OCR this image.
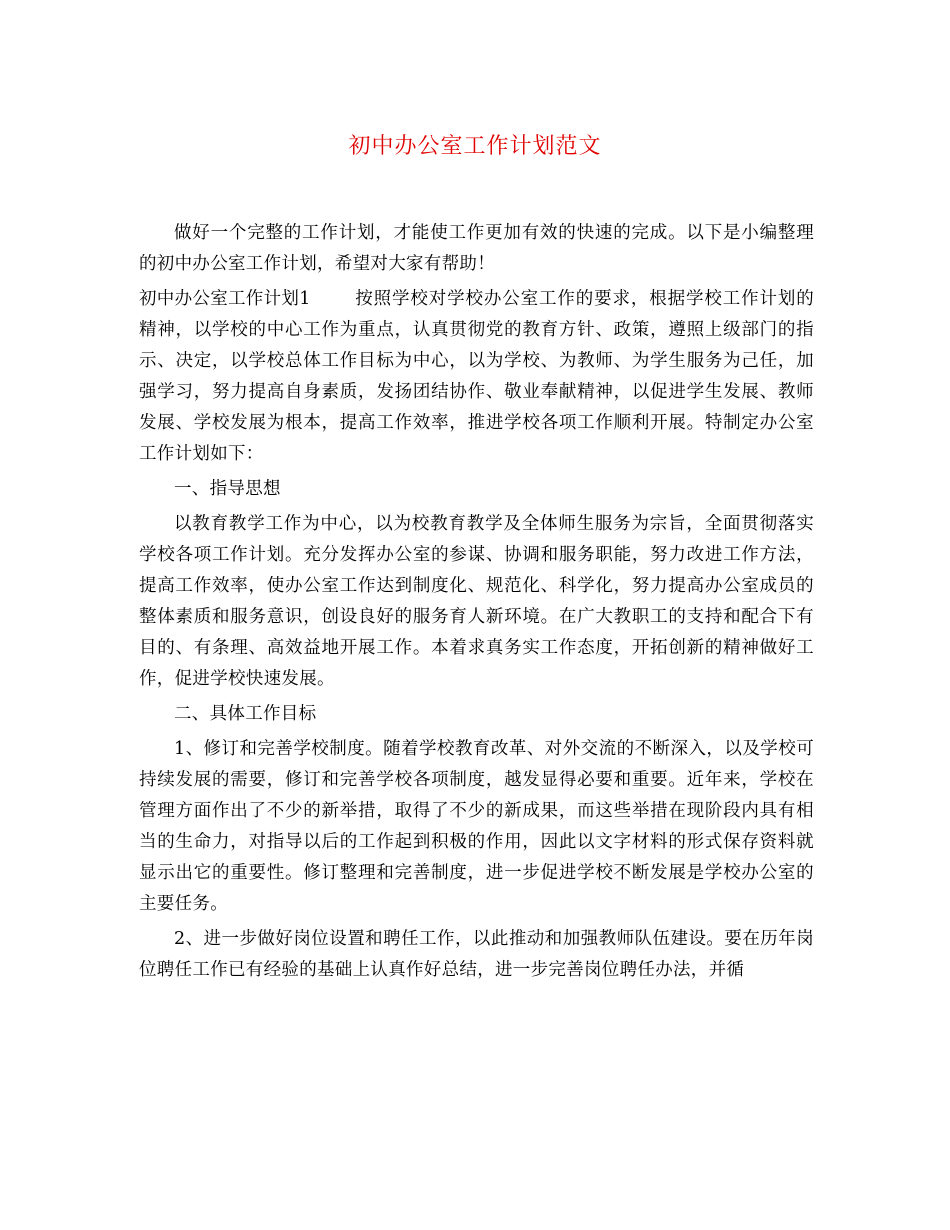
初中办公室工作计划范文

做好一个完整的工作计划，才能使工作更加有效的快速的完成。以下是小编整理的初中办公室工作计划，希望对大家有帮助！

初中办公室工作计划1	按照学校对学校办公室工作的要求，根据学校工作计划的精神，以学校的中心工作为重点，认真贯彻党的教育方针、政策，遵照上级部门的指示、决定，以学校总体工作目标为中心，以为学校、为教师、为学生服务为己任，加强学习，努力提高自身素质，发扬团结协作、敬业奉献精神，以促进学生发展、教师发展、学校发展为根本，提高工作效率，推进学校各项工作顺利开展。特制定办公室工作计划如下：

一、指导思想

以教育教学工作为中心，以为校教育教学及全体师生服务为宗旨，全面贯彻落实学校各项工作计划。充分发挥办公室的参谋、协调和服务职能，努力改进工作方法，提高工作效率，使办公室工作达到制度化、规范化、科学化，努力提高办公室成员的整体素质和服务意识，创设良好的服务育人新环境。在广大教职工的支持和配合下有目的、有条理、高效益地开展工作。本着求真务实工作态度，开拓创新的精神做好工作，促进学校快速发展。

二、具体工作目标

1、修订和完善学校制度。随着学校教育改革、对外交流的不断深入，以及学校可持续发展的需要，修订和完善学校各项制度，越发显得必要和重要。近年来，学校在管理方面作出了不少的新举措，取得了不少的新成果，而这些举措在现阶段内具有相当的生命力，对指导以后的工作起到积极的作用，因此以文字材料的形式保存资料就显示出它的重要性。修订整理和完善制度，进一步促进学校不断发展是学校办公室的主要任务。

2、进一步做好岗位设置和聘任工作，以此推动和加强教师队伍建设。要在历年岗位聘任工作已有经验的基础上认真作好总结，进一步完善岗位聘任办法，并循
